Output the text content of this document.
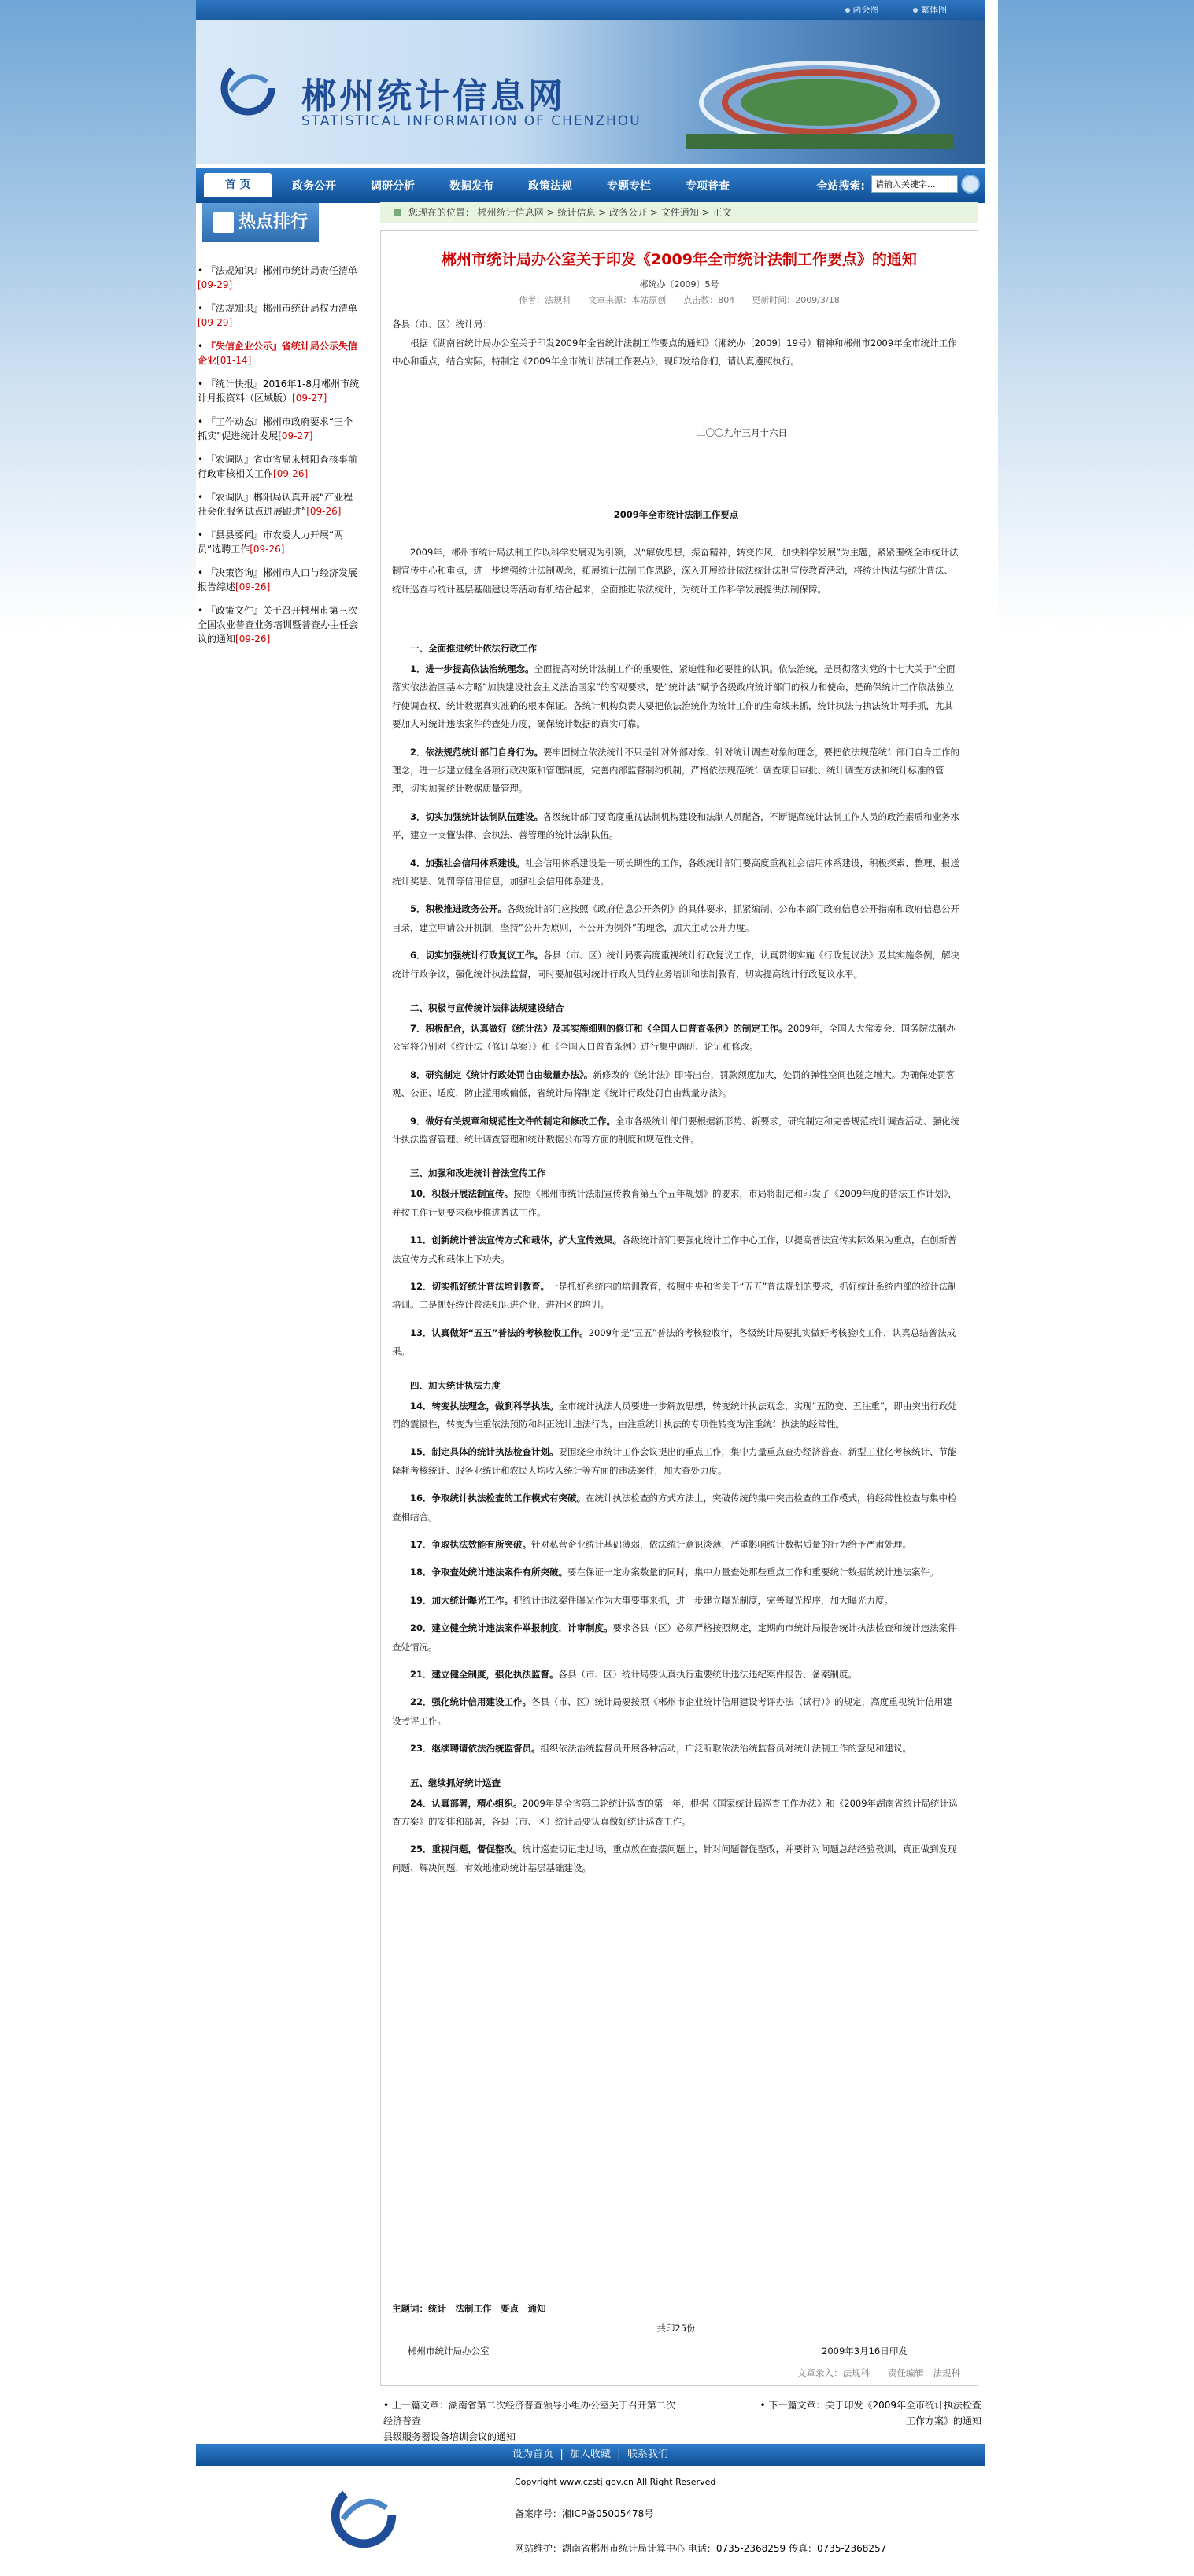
两会图	繁体图
郴州统计信息网
STATISTICAL INFORMATION OF CHENZHOU
首 页	政务公开	调研分析	数据发布	政策法规	专题专栏	专项普查	全站搜索:	请输入关键字...
热点排行
• 『法规知识』郴州市统计局责任清单[09-29]
• 『法规知识』郴州市统计局权力清单[09-29]
• 『失信企业公示』省统计局公示失信企业[01-14]
• 『统计快报』2016年1-8月郴州市统计月报资料（区域版）[09-27]
• 『工作动态』郴州市政府要求“三个抓实”促进统计发展[09-27]
• 『农调队』省审省局来郴阳查核事前行政审核相关工作[09-26]
• 『农调队』郴阳局认真开展“产业程社会化服务试点进展跟进”[09-26]
• 『县县要闻』市农委大力开展“两员”选聘工作[09-26]
• 『决策咨询』郴州市人口与经济发展报告综述[09-26]
• 『政策文件』关于召开郴州市第三次全国农业普查业务培训暨普查办主任会议的通知[09-26]
您现在的位置： 郴州统计信息网 > 统计信息 > 政务公开 > 文件通知 > 正文
郴州市统计局办公室关于印发《2009年全市统计法制工作要点》的通知
郴统办〔2009〕5号
作者：法规科　　文章来源：本站原创　　点击数：804　　更新时间：2009/3/18
各县（市、区）统计局：
根据《湖南省统计局办公室关于印发2009年全省统计法制工作要点的通知》（湘统办〔2009〕19号）精神和郴州市2009年全市统计工作中心和重点，结合实际，特制定《2009年全市统计法制工作要点》，现印发给你们，请认真遵照执行。
二〇〇九年三月十六日
2009年全市统计法制工作要点
2009年，郴州市统计局法制工作以科学发展观为引领，以“解放思想，振奋精神，转变作风，加快科学发展”为主题，紧紧围绕全市统计法制宣传中心和重点，进一步增强统计法制观念，拓展统计法制工作思路，深入开展统计依法统计法制宣传教育活动，将统计执法与统计普法、统计巡查与统计基层基础建设等活动有机结合起来，全面推进依法统计，为统计工作科学发展提供法制保障。
一、全面推进统计依法行政工作
1．进一步提高依法治统理念。全面提高对统计法制工作的重要性、紧迫性和必要性的认识。依法治统，是贯彻落实党的十七大关于“全面落实依法治国基本方略”加快建设社会主义法治国家”的客观要求，是“统计法”赋予各级政府统计部门的权力和使命，是确保统计工作依法独立行使调查权、统计数据真实准确的根本保证。各统计机构负责人要把依法治统作为统计工作的生命线来抓，统计执法与执法统计两手抓，尤其要加大对统计违法案件的查处力度，确保统计数据的真实可靠。
2．依法规范统计部门自身行为。要牢固树立依法统计不只是针对外部对象、针对统计调查对象的理念，要把依法规范统计部门自身工作的理念，进一步建立健全各项行政决策和管理制度，完善内部监督制约机制，严格依法规范统计调查项目审批、统计调查方法和统计标准的管理，切实加强统计数据质量管理。
3．切实加强统计法制队伍建设。各级统计部门要高度重视法制机构建设和法制人员配备，不断提高统计法制工作人员的政治素质和业务水平，建立一支懂法律、会执法、善管理的统计法制队伍。
4．加强社会信用体系建设。社会信用体系建设是一项长期性的工作，各级统计部门要高度重视社会信用体系建设，积极探索、整理、报送统计奖惩、处罚等信用信息，加强社会信用体系建设。
5．积极推进政务公开。各级统计部门应按照《政府信息公开条例》的具体要求，抓紧编制、公布本部门政府信息公开指南和政府信息公开目录，建立申请公开机制，坚持“公开为原则，不公开为例外”的理念，加大主动公开力度。
6．切实加强统计行政复议工作。各县（市、区）统计局要高度重视统计行政复议工作，认真贯彻实施《行政复议法》及其实施条例，解决统计行政争议，强化统计执法监督，同时要加强对统计行政人员的业务培训和法制教育，切实提高统计行政复议水平。
二、积极与宣传统计法律法规建设结合
7．积极配合，认真做好《统计法》及其实施细则的修订和《全国人口普查条例》的制定工作。2009年，全国人大常委会、国务院法制办公室将分别对《统计法（修订草案）》和《全国人口普查条例》进行集中调研、论证和修改。
8．研究制定《统计行政处罚自由裁量办法》。新修改的《统计法》即将出台，罚款额度加大，处罚的弹性空间也随之增大。为确保处罚客观、公正、适度，防止滥用或偏低，省统计局将制定《统计行政处罚自由裁量办法》。
9．做好有关规章和规范性文件的制定和修改工作。全市各级统计部门要根据新形势、新要求，研究制定和完善规范统计调查活动、强化统计执法监督管理、统计调查管理和统计数据公布等方面的制度和规范性文件。
三、加强和改进统计普法宣传工作
10．积极开展法制宣传。按照《郴州市统计法制宣传教育第五个五年规划》的要求，市局将制定和印发了《2009年度的普法工作计划》，并按工作计划要求稳步推进普法工作。
11．创新统计普法宣传方式和载体，扩大宣传效果。各级统计部门要强化统计工作中心工作，以提高普法宣传实际效果为重点，在创新普法宣传方式和载体上下功夫。
12．切实抓好统计普法培训教育。一是抓好系统内的培训教育，按照中央和省关于“五五”普法规划的要求，抓好统计系统内部的统计法制培训。二是抓好统计普法知识进企业、进社区的培训。
13．认真做好“五五”普法的考核验收工作。2009年是“五五”普法的考核验收年，各级统计局要扎实做好考核验收工作，认真总结普法成果。
四、加大统计执法力度
14．转变执法理念，做到科学执法。全市统计执法人员要进一步解放思想，转变统计执法观念，实现“五防变、五注重”，即由突出行政处罚的震慑性，转变为注重依法预防和纠正统计违法行为，由注重统计执法的专项性转变为注重统计执法的经常性。
15．制定具体的统计执法检查计划。要围绕全市统计工作会议提出的重点工作，集中力量重点查办经济普查、新型工业化考核统计、节能降耗考核统计、服务业统计和农民人均收入统计等方面的违法案件，加大查处力度。
16．争取统计执法检查的工作模式有突破。在统计执法检查的方式方法上，突破传统的集中突击检查的工作模式，将经常性检查与集中检查相结合。
17．争取执法效能有所突破。针对私营企业统计基础薄弱，依法统计意识淡薄，严重影响统计数据质量的行为给予严肃处理。
18．争取查处统计违法案件有所突破。要在保证一定办案数量的同时，集中力量查处那些重点工作和重要统计数据的统计违法案件。
19．加大统计曝光工作。把统计违法案件曝光作为大事要事来抓，进一步建立曝光制度，完善曝光程序，加大曝光力度。
20．建立健全统计违法案件举报制度，计审制度。要求各县（区）必须严格按照规定，定期向市统计局报告统计执法检查和统计违法案件查处情况。
21．建立健全制度，强化执法监督。各县（市、区）统计局要认真执行重要统计违法违纪案件报告、备案制度。
22．强化统计信用建设工作。各县（市、区）统计局要按照《郴州市企业统计信用建设考评办法（试行）》的规定，高度重视统计信用建设考评工作。
23．继续聘请依法治统监督员。组织依法治统监督员开展各种活动，广泛听取依法治统监督员对统计法制工作的意见和建议。
五、继续抓好统计巡查
24．认真部署，精心组织。2009年是全省第二轮统计巡查的第一年，根据《国家统计局巡查工作办法》和《2009年湖南省统计局统计巡查方案》的安排和部署，各县（市、区）统计局要认真做好统计巡查工作。
25．重视问题，督促整改。统计巡查切记走过场，重点放在查摆问题上，针对问题督促整改，并要针对问题总结经验教训，真正做到发现问题、解决问题，有效地推动统计基层基础建设。
主题词：统计　法制工作　要点　通知
共印25份
郴州市统计局办公室	2009年3月16日印发
文章录入：法规科　　责任编辑：法规科
• 上一篇文章：湖南省第二次经济普查领导小组办公室关于召开第二次经济普查
县级服务器设备培训会议的通知
• 下一篇文章：关于印发《2009年全市统计执法检查
工作方案》的通知
设为首页  |  加入收藏  |  联系我们
Copyright www.czstj.gov.cn All Right Reserved
备案序号：湘ICP备05005478号
网站维护：湖南省郴州市统计局计算中心 电话：0735-2368259 传真：0735-2368257
